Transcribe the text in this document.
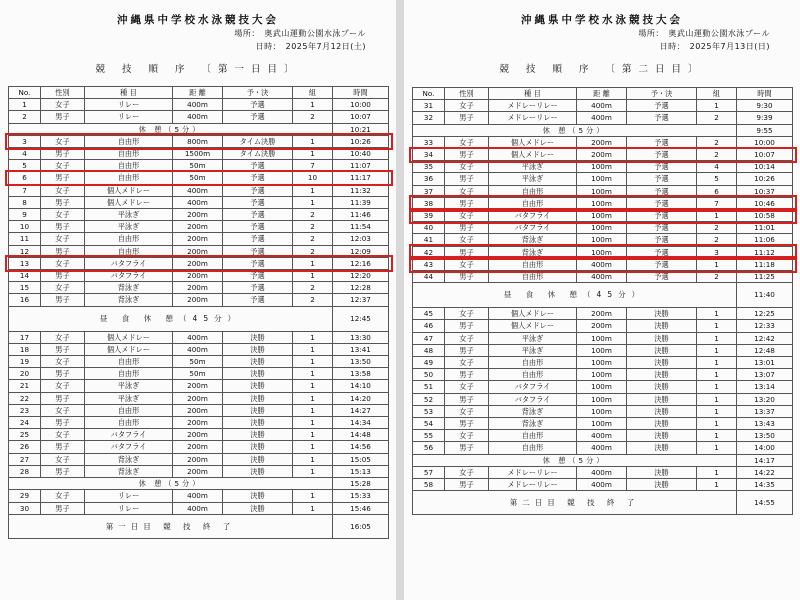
沖縄県中学校水泳競技大会
場所：　奥武山運動公園水泳プール
日時：　2025年7月12日(土)
競 技 順 序 〔第一日目〕
No.	性別	種 目	距 離	予・決	組	時間
1	女子	リレー	400m	予選	1	10:00
2	男子	リレー	400m	予選	2	10:07
休 憩（5分）						10:21
3	女子	自由形	800m	タイム決勝	1	10:26
4	男子	自由形	1500m	タイム決勝	1	10:40
5	女子	自由形	50m	予選	7	11:07
6	男子	自由形	50m	予選	10	11:17
7	女子	個人メドレー	400m	予選	1	11:32
8	男子	個人メドレー	400m	予選	1	11:39
9	女子	平泳ぎ	200m	予選	2	11:46
10	男子	平泳ぎ	200m	予選	2	11:54
11	女子	自由形	200m	予選	2	12:03
12	男子	自由形	200m	予選	2	12:09
13	女子	バタフライ	200m	予選	1	12:16
14	男子	バタフライ	200m	予選	1	12:20
15	女子	背泳ぎ	200m	予選	2	12:28
16	男子	背泳ぎ	200m	予選	2	12:37
昼 食 休 憩（45分）						12:45
17	女子	個人メドレー	400m	決勝	1	13:30
18	男子	個人メドレー	400m	決勝	1	13:41
19	女子	自由形	50m	決勝	1	13:50
20	男子	自由形	50m	決勝	1	13:58
21	女子	平泳ぎ	200m	決勝	1	14:10
22	男子	平泳ぎ	200m	決勝	1	14:20
23	女子	自由形	200m	決勝	1	14:27
24	男子	自由形	200m	決勝	1	14:34
25	女子	バタフライ	200m	決勝	1	14:48
26	男子	バタフライ	200m	決勝	1	14:56
27	女子	背泳ぎ	200m	決勝	1	15:05
28	男子	背泳ぎ	200m	決勝	1	15:13
休 憩（5分）						15:28
29	女子	リレー	400m	決勝	1	15:33
30	男子	リレー	400m	決勝	1	15:46
第一日目 競 技 終 了						16:05
沖縄県中学校水泳競技大会
場所：　奥武山運動公園水泳プール
日時：　2025年7月13日(日)
競 技 順 序 〔第二日目〕
No.	性別	種 目	距 離	予・決	組	時間
31	女子	メドレーリレー	400m	予選	1	9:30
32	男子	メドレーリレー	400m	予選	2	9:39
休 憩（5分）						9:55
33	女子	個人メドレー	200m	予選	2	10:00
34	男子	個人メドレー	200m	予選	2	10:07
35	女子	平泳ぎ	100m	予選	4	10:14
36	男子	平泳ぎ	100m	予選	5	10:26
37	女子	自由形	100m	予選	6	10:37
38	男子	自由形	100m	予選	7	10:46
39	女子	バタフライ	100m	予選	1	10:58
40	男子	バタフライ	100m	予選	2	11:01
41	女子	背泳ぎ	100m	予選	2	11:06
42	男子	背泳ぎ	100m	予選	3	11:12
43	女子	自由形	400m	予選	1	11:18
44	男子	自由形	400m	予選	2	11:25
昼 食 休 憩（45分）						11:40
45	女子	個人メドレー	200m	決勝	1	12:25
46	男子	個人メドレー	200m	決勝	1	12:33
47	女子	平泳ぎ	100m	決勝	1	12:42
48	男子	平泳ぎ	100m	決勝	1	12:48
49	女子	自由形	100m	決勝	1	13:01
50	男子	自由形	100m	決勝	1	13:07
51	女子	バタフライ	100m	決勝	1	13:14
52	男子	バタフライ	100m	決勝	1	13:20
53	女子	背泳ぎ	100m	決勝	1	13:37
54	男子	背泳ぎ	100m	決勝	1	13:43
55	女子	自由形	400m	決勝	1	13:50
56	男子	自由形	400m	決勝	1	14:00
休 憩（5分）						14:17
57	女子	メドレーリレー	400m	決勝	1	14:22
58	男子	メドレーリレー	400m	決勝	1	14:35
第二日目 競 技 終 了						14:55
